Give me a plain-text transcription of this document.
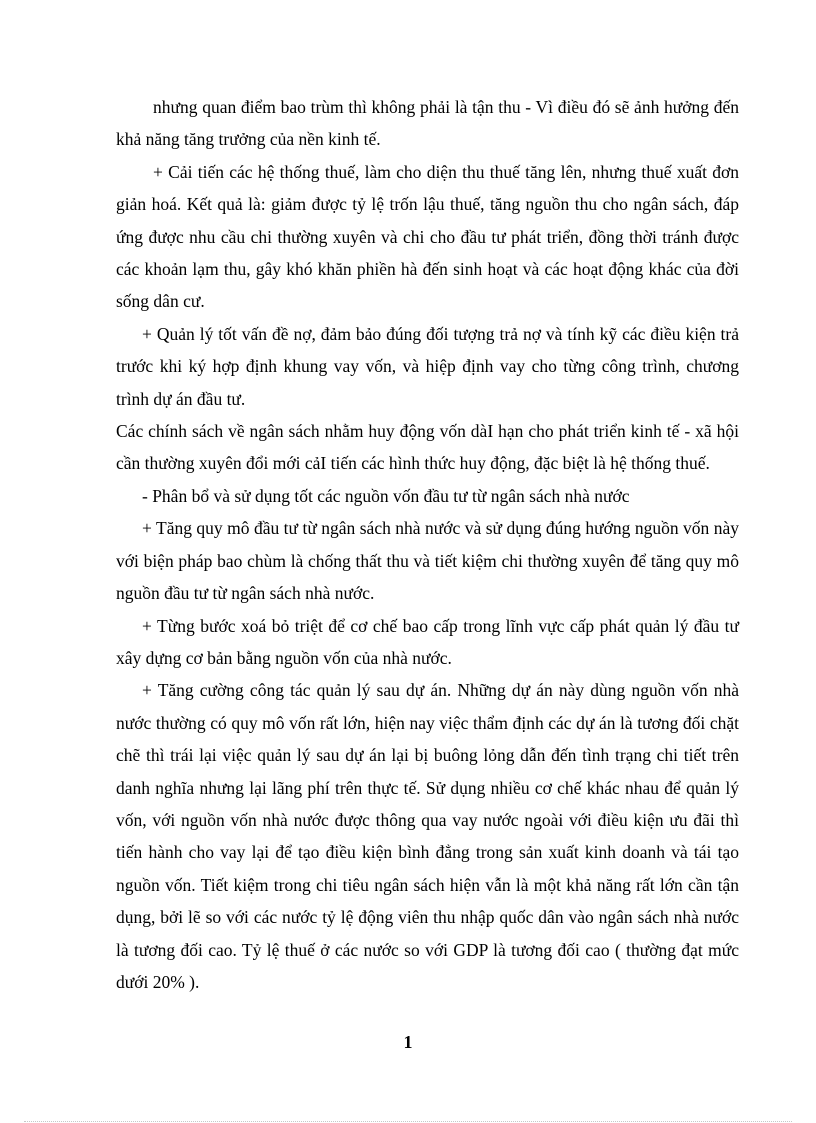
nhưng quan điểm bao trùm thì không phải là tận thu - Vì điều đó sẽ ảnh hưởng đến khả năng tăng trưởng của nền kinh tế.

+ Cải tiến các hệ thống thuế, làm cho diện thu thuế tăng lên, nhưng thuế xuất đơn giản hoá. Kết quả là: giảm được tỷ lệ trốn lậu thuế, tăng nguồn thu cho ngân sách, đáp ứng được nhu cầu chi thường xuyên và chi cho đầu tư phát triển, đồng thời tránh được các khoản lạm thu, gây khó khăn phiền hà đến sinh hoạt và các hoạt động khác của đời sống dân cư.

+ Quản lý tốt vấn đề nợ, đảm bảo đúng đối tượng trả nợ và tính kỹ các điều kiện trả trước khi ký hợp định khung vay vốn, và hiệp định vay cho từng công trình, chương trình dự án đầu tư.

Các chính sách về ngân sách nhằm huy động vốn dàI hạn cho phát triển kinh tế - xã hội cần thường xuyên đổi mới cảI tiến các hình thức huy động, đặc biệt là hệ thống thuế.

- Phân bổ và sử dụng tốt các nguồn vốn đầu tư từ ngân sách nhà nước

+ Tăng quy mô đầu tư từ ngân sách nhà nước và sử dụng đúng hướng nguồn vốn này với biện pháp bao chùm là chống thất thu và tiết kiệm chi thường xuyên để tăng quy mô nguồn đầu tư từ ngân sách nhà nước.

+ Từng bước xoá bỏ triệt để cơ chế bao cấp trong lĩnh vực cấp phát quản lý đầu tư xây dựng cơ bản bằng nguồn vốn của nhà nước.

+ Tăng cường công tác quản lý sau dự án. Những dự án này dùng nguồn vốn nhà nước thường có quy mô vốn rất lớn, hiện nay việc thẩm định các dự án là tương đối chặt chẽ thì trái lại việc quản lý sau dự án lại bị buông lỏng dẫn đến tình trạng chi tiết trên danh nghĩa nhưng lại lãng phí trên thực tế. Sử dụng nhiều cơ chế khác nhau để quản lý vốn, với nguồn vốn nhà nước được thông qua vay nước ngoài với điều kiện ưu đãi thì tiến hành cho vay lại để tạo điều kiện bình đẳng trong sản xuất kinh doanh và tái tạo nguồn vốn. Tiết kiệm trong chi tiêu ngân sách hiện vẫn là một khả năng rất lớn cần tận dụng, bởi lẽ so với các nước tỷ lệ động viên thu nhập quốc dân vào ngân sách nhà nước là tương đối cao. Tỷ lệ thuế ở các nước so với GDP là tương đối cao ( thường đạt mức dưới 20% ).

1
